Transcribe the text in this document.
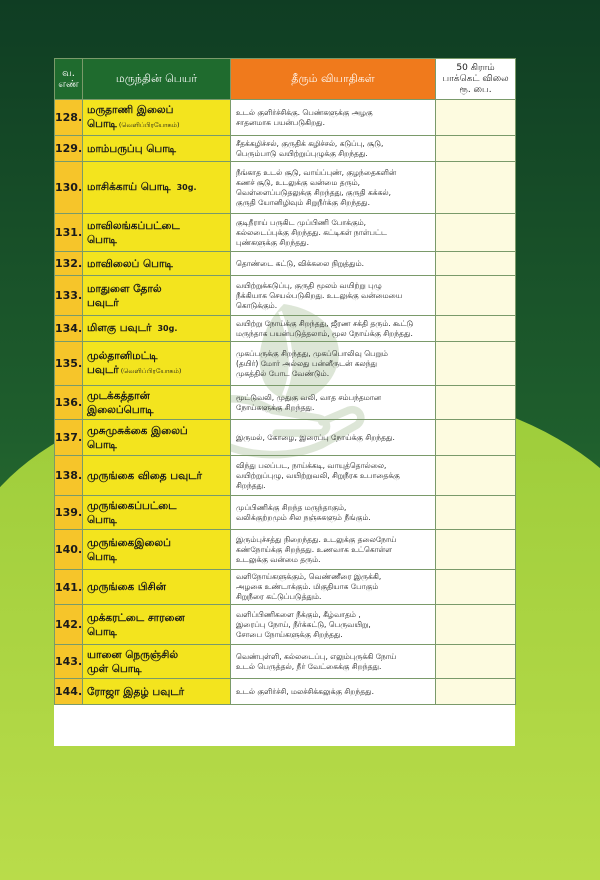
வ.
எண்	மருந்தின் பெயர்	தீரும் வியாதிகள்	50 கிராம்
பாக்கெட் விலை
ரூ. பை.
128.	மருதாணி இலைப்
பொடி (வெளிப்பிரயோகம்)	உடல் குளிர்ச்சிக்கு. பெண்களுக்கு அழகு
சாதனமாக பயன்படுகிறது.	
129.	மாம்பருப்பு பொடி	சீதக்கழிச்சல், குருதிக் கழிச்சல், கடுப்பு, சூடு,
பெரும்பாடு வயிற்றுப்புழுக்கு சிறந்தது.	
130.	மாசிக்காய் பொடி 30g.	நீங்காத உடல் சூடு, வாய்ப்புண், குழந்தைகளின்
கணச் சூடு, உடலுக்கு வன்மை தரும்,
வெள்ளைப்படுதலுக்கு சிறந்தது, குருதி கக்கல்,
குருதி யோனிழிவும் சிறுநீர்க்கு சிறந்தது.	
131.	மாவிலங்கப்பட்டை
பொடி	குடிநீராய் பருகிட முப்பிணி போக்கும்,
கல்லடைப்புக்கு சிறந்தது. கட்டிகள் நாள்பட்ட
புண்களுக்கு சிறந்தது.	
132.	மாவிலைப் பொடி	தொண்டை கட்டு, விக்கலை நிறுத்தும்.	
133.	மாதுளை தோல்
பவுடர்	வயிற்றுக்கடுப்பு, குருதி மூலம் வயிற்று புழு
நீக்கியாக செயல்படுகிறது. உடலுக்கு வன்மையை
கொடுக்கும்.	
134.	மிளகு பவுடர் 30g.	வயிற்று நோய்க்கு சிறந்தது, ஜீரண சக்தி தரும். கூட்டு
மருந்தாக பயன்படுத்தலாம், மூல நோய்க்கு சிறந்தது.	
135.	முல்தானிமட்டி பவுடர் (வெளிப்பிரயோகம்)	முகப்பருக்கு சிறந்தது, முகப்பொலிவு பெறும்
(தயிர்) மோர் அல்லது பன்னீருடன் கலந்து
முகத்தில் போட வேண்டும்.	
136.	முடக்கத்தான்
இலைப்பொடி	மூட்டுவலி, முதுகு வலி, வாத சம்பந்தமான
நோய்களுக்கு சிறந்தது.	
137.	முசுமுசுக்கை இலைப்
பொடி	இருமல், கோழை, இரைப்பு நோய்க்கு சிறந்தது.	
138.	முருங்கை விதை பவுடர்	விந்து பலப்பட, நாய்க்கடி, வாயுத்தொல்லை,
வயிற்றுப்புழு, வயிற்றுவலி, சிறுநீரக உபாதைக்கு
சிறந்தது.	
139.	முருங்கைப்பட்டை
பொடி	முப்பிணிக்கு சிறந்த மருந்தாகும்,
வலிக்குற்றமும் சில நஞ்சுகளும் நீங்கும்.	
140.	முருங்கைஇலைப்
பொடி	இரும்புச்சத்து நிறைந்தது. உடலுக்கு தலைநோய்
கண்நோய்க்கு சிறந்தது. உணவாக உட்கொள்ள
உடலுக்கு வன்மை தரும்.	
141.	முருங்கை பிசின்	வளிநோய்களுக்கும், வெண்ணீரை இருக்கி,
அழகை உண்டாக்கும். மிகுதியாக போகும்
சிறுநீரை கட்டுப்படுத்தும்.	
142.	முக்கரட்டை சாரனை
பொடி	வளிப்பிணிகளை நீக்கும், கீழ்வாதம் ,
இரைப்பு நோய், நீர்க்கட்டு, பெருவயிறு,
சோபை நோய்களுக்கு சிறந்தது.	
143.	யானை நெருஞ்சில்
முள் பொடி	வெண்புள்ளி, கல்லடைப்பு, எலும்புருக்கி நோய்
உடல் பெருத்தல், நீர் வேட்கைக்கு சிறந்தது.	
144.	ரோஜா இதழ் பவுடர்	உடல் குளிர்ச்சி, மலச்சிக்கலுக்கு சிறந்தது.	
